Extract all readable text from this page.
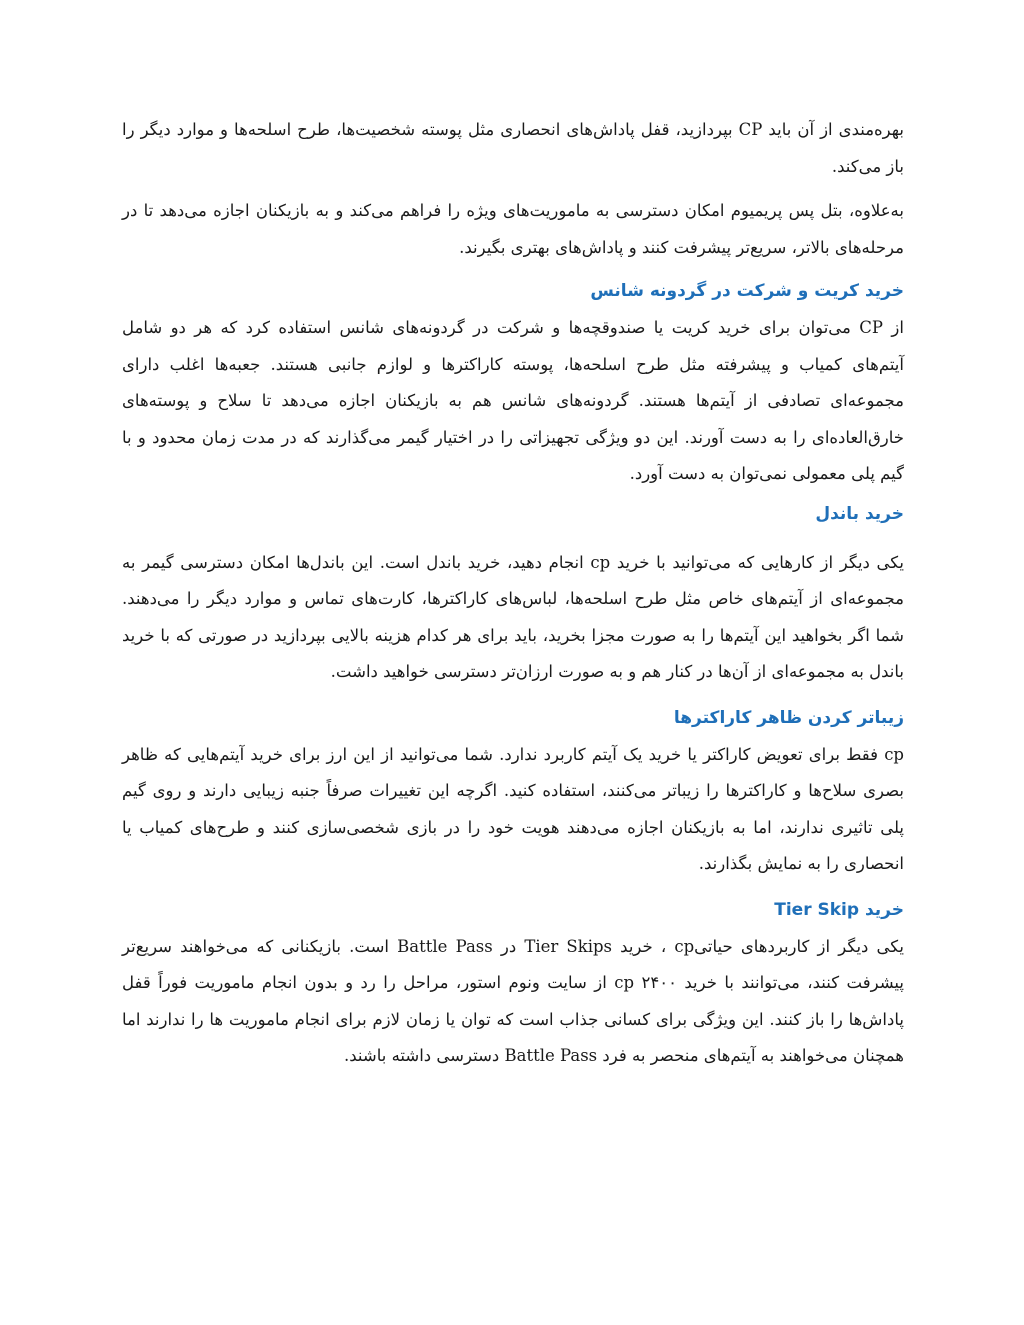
بهره‌مندی از آن باید CP بپردازید، قفل پاداش‌های انحصاری مثل پوسته شخصیت‌ها، طرح اسلحه‌ها و موارد دیگر را باز می‌کند.

به‌علاوه، بتل پس پریمیوم امکان دسترسی به ماموریت‌های ویژه را فراهم می‌کند و به بازیکنان اجازه می‌دهد تا در مرحله‌های بالاتر، سریع‌تر پیشرفت کنند و پاداش‌های بهتری بگیرند.

خرید کریت و شرکت در گردونه شانس

از CP می‌توان برای خرید کریت یا صندوقچه‌ها و شرکت در گردونه‌های شانس استفاده کرد که هر دو شامل آیتم‌های کمیاب و پیشرفته مثل طرح اسلحه‌ها، پوسته کاراکترها و لوازم جانبی هستند. جعبه‌ها اغلب دارای مجموعه‌ای تصادفی از آیتم‌ها هستند. گردونه‌های شانس هم به بازیکنان اجازه می‌دهد تا سلاح و پوسته‌های خارق‌العاده‌ای را به دست آورند. این دو ویژگی تجهیزاتی را در اختیار گیمر می‌گذارند که در مدت زمان محدود و با گیم پلی معمولی نمی‌توان به دست آورد.

خرید باندل

یکی دیگر از کارهایی که می‌توانید با خرید cp انجام دهید، خرید باندل است. این باندل‌ها امکان دسترسی گیمر به مجموعه‌ای از آیتم‌های خاص مثل طرح اسلحه‌ها، لباس‌های کاراکترها، کارت‌های تماس و موارد دیگر را می‌دهند. شما اگر بخواهید این آیتم‌ها را به صورت مجزا بخرید، باید برای هر کدام هزینه بالایی بپردازید در صورتی که با خرید باندل به مجموعه‌ای از آن‌ها در کنار هم و به صورت ارزان‌تر دسترسی خواهید داشت.

زیباتر کردن ظاهر کاراکترها

cp فقط برای تعویض کاراکتر یا خرید یک آیتم کاربرد ندارد. شما می‌توانید از این ارز برای خرید آیتم‌هایی که ظاهر بصری سلاح‌ها و کاراکترها را زیباتر می‌کنند، استفاده کنید. اگرچه این تغییرات صرفاً جنبه زیبایی دارند و روی گیم پلی تاثیری ندارند، اما به بازیکنان اجازه می‌دهند هویت خود را در بازی شخصی‌سازی کنند و طرح‌های کمیاب یا انحصاری را به نمایش بگذارند.

خرید Tier Skip

یکی دیگر از کاربردهای حیاتیcp ، خرید Tier Skips در Battle Pass است. بازیکنانی که می‌خواهند سریع‌تر پیشرفت کنند، می‌توانند با خرید cp ۲۴۰۰ از سایت ونوم استور، مراحل را رد و بدون انجام ماموریت فوراً قفل پاداش‌ها را باز کنند. این ویژگی برای کسانی جذاب است که توان یا زمان لازم برای انجام ماموریت ها را ندارند اما همچنان می‌خواهند به آیتم‌های منحصر به فرد Battle Pass دسترسی داشته باشند.
